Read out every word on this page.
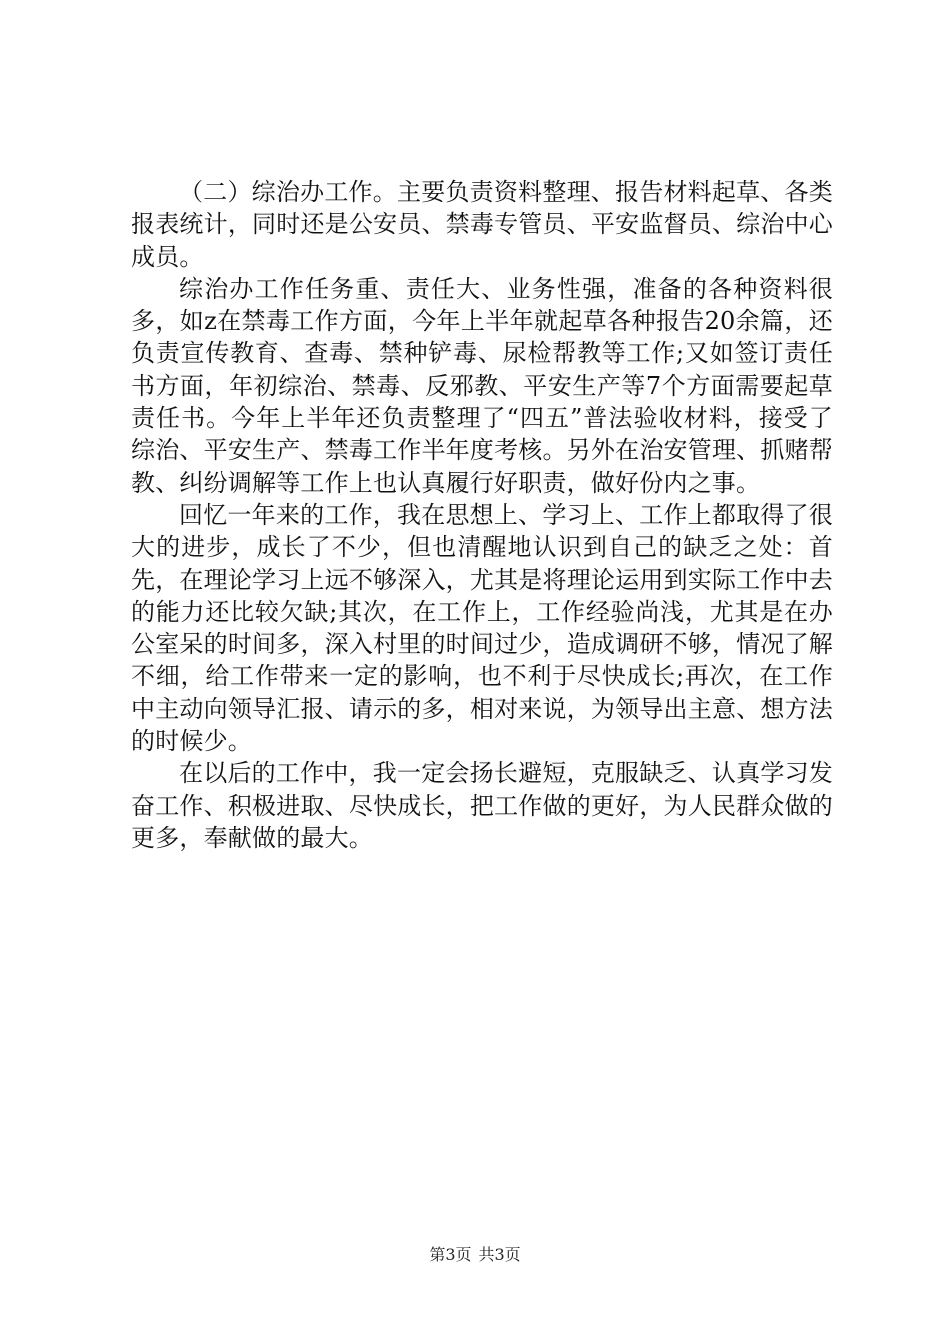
（二）综治办工作。主要负责资料整理、报告材料起草、各类报表统计，同时还是公安员、禁毒专管员、平安监督员、综治中心成员。

综治办工作任务重、责任大、业务性强，准备的各种资料很多，如z在禁毒工作方面，今年上半年就起草各种报告20余篇，还负责宣传教育、查毒、禁种铲毒、尿检帮教等工作;又如签订责任书方面，年初综治、禁毒、反邪教、平安生产等7个方面需要起草责任书。今年上半年还负责整理了“四五”普法验收材料，接受了综治、平安生产、禁毒工作半年度考核。另外在治安管理、抓赌帮教、纠纷调解等工作上也认真履行好职责，做好份内之事。

回忆一年来的工作，我在思想上、学习上、工作上都取得了很大的进步，成长了不少，但也清醒地认识到自己的缺乏之处：首先，在理论学习上远不够深入，尤其是将理论运用到实际工作中去的能力还比较欠缺;其次，在工作上，工作经验尚浅，尤其是在办公室呆的时间多，深入村里的时间过少，造成调研不够，情况了解不细，给工作带来一定的影响，也不利于尽快成长;再次，在工作中主动向领导汇报、请示的多，相对来说，为领导出主意、想方法的时候少。

在以后的工作中，我一定会扬长避短，克服缺乏、认真学习发奋工作、积极进取、尽快成长，把工作做的更好，为人民群众做的更多，奉献做的最大。

第3页 共3页
